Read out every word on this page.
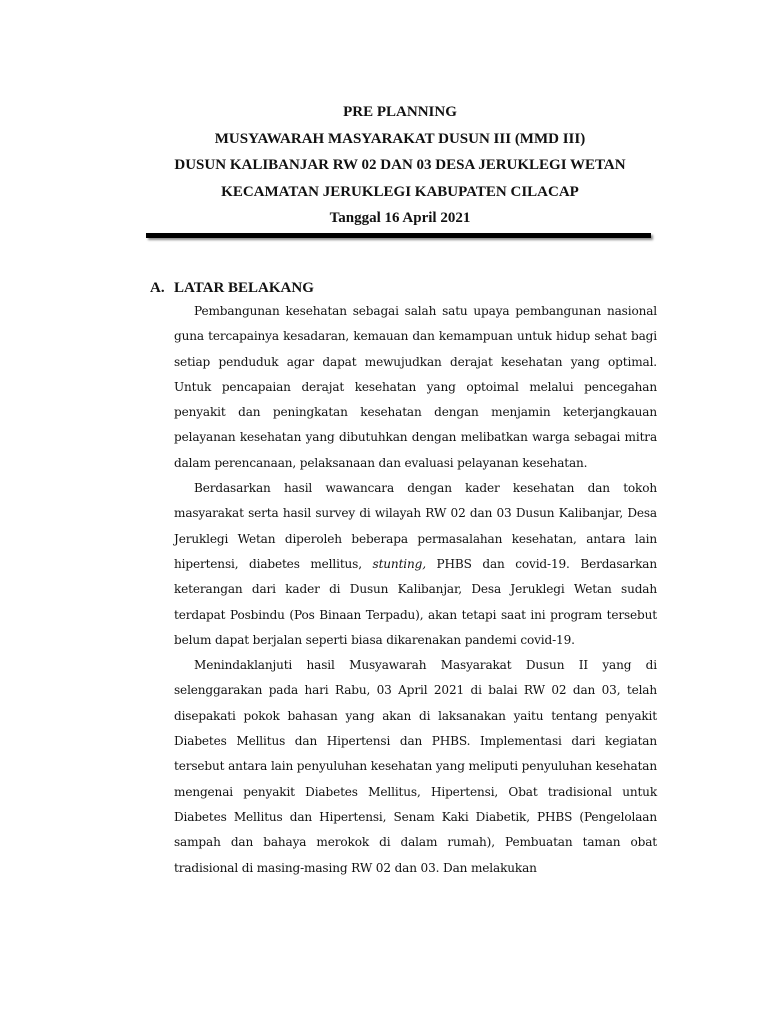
PRE PLANNING
MUSYAWARAH MASYARAKAT DUSUN III (MMD III)
DUSUN KALIBANJAR RW 02 DAN 03 DESA JERUKLEGI WETAN
KECAMATAN JERUKLEGI KABUPATEN CILACAP
Tanggal 16 April 2021
A. LATAR BELAKANG

Pembangunan kesehatan sebagai salah satu upaya pembangunan nasional guna tercapainya kesadaran, kemauan dan kemampuan untuk hidup sehat bagi setiap penduduk agar dapat mewujudkan derajat kesehatan yang optimal. Untuk pencapaian derajat kesehatan yang optoimal melalui pencegahan penyakit dan peningkatan kesehatan dengan menjamin keterjangkauan pelayanan kesehatan yang dibutuhkan dengan melibatkan warga sebagai mitra dalam perencanaan, pelaksanaan dan evaluasi pelayanan kesehatan.

Berdasarkan hasil wawancara dengan kader kesehatan dan tokoh masyarakat serta hasil survey di wilayah RW 02 dan 03 Dusun Kalibanjar, Desa Jeruklegi Wetan diperoleh beberapa permasalahan kesehatan, antara lain hipertensi, diabetes mellitus, stunting, PHBS dan covid-19. Berdasarkan keterangan dari kader di Dusun Kalibanjar, Desa Jeruklegi Wetan sudah terdapat Posbindu (Pos Binaan Terpadu), akan tetapi saat ini program tersebut belum dapat berjalan seperti biasa dikarenakan pandemi covid-19.

Menindaklanjuti hasil Musyawarah Masyarakat Dusun II yang di selenggarakan pada hari Rabu, 03 April 2021 di balai RW 02 dan 03, telah disepakati pokok bahasan yang akan di laksanakan yaitu tentang penyakit Diabetes Mellitus dan Hipertensi dan PHBS. Implementasi dari kegiatan tersebut antara lain penyuluhan kesehatan yang meliputi penyuluhan kesehatan mengenai penyakit Diabetes Mellitus, Hipertensi, Obat tradisional untuk Diabetes Mellitus dan Hipertensi, Senam Kaki Diabetik, PHBS (Pengelolaan sampah dan bahaya merokok di dalam rumah), Pembuatan taman obat tradisional di masing-masing RW 02 dan 03. Dan melakukan
